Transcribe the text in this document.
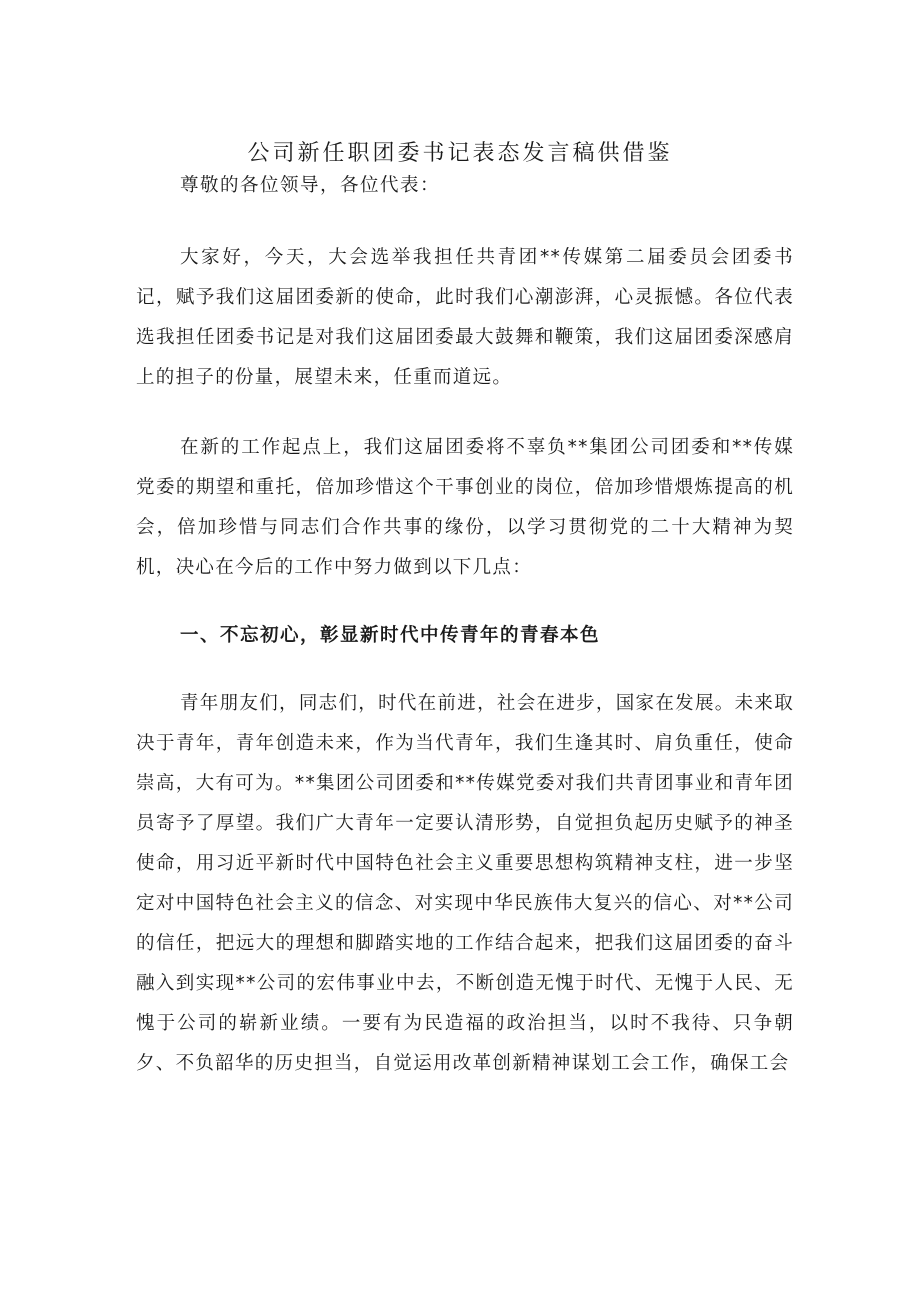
公司新任职团委书记表态发言稿供借鉴

尊敬的各位领导，各位代表：

大家好，今天，大会选举我担任共青团**传媒第二届委员会团委书记，赋予我们这届团委新的使命，此时我们心潮澎湃，心灵振憾。各位代表选我担任团委书记是对我们这届团委最大鼓舞和鞭策，我们这届团委深感肩上的担子的份量，展望未来，任重而道远。

在新的工作起点上，我们这届团委将不辜负**集团公司团委和**传媒党委的期望和重托，倍加珍惜这个干事创业的岗位，倍加珍惜煨炼提高的机会，倍加珍惜与同志们合作共事的缘份，以学习贯彻党的二十大精神为契机，决心在今后的工作中努力做到以下几点：

一、不忘初心，彰显新时代中传青年的青春本色

青年朋友们，同志们，时代在前进，社会在进步，国家在发展。未来取决于青年，青年创造未来，作为当代青年，我们生逢其时、肩负重任，使命崇高，大有可为。**集团公司团委和**传媒党委对我们共青团事业和青年团员寄予了厚望。我们广大青年一定要认清形势，自觉担负起历史赋予的神圣使命，用习近平新时代中国特色社会主义重要思想构筑精神支柱，进一步坚定对中国特色社会主义的信念、对实现中华民族伟大复兴的信心、对**公司的信任，把远大的理想和脚踏实地的工作结合起来，把我们这届团委的奋斗融入到实现**公司的宏伟事业中去，不断创造无愧于时代、无愧于人民、无愧于公司的崭新业绩。一要有为民造福的政治担当，以时不我待、只争朝夕、不负韶华的历史担当，自觉运用改革创新精神谋划工会工作，确保工会
